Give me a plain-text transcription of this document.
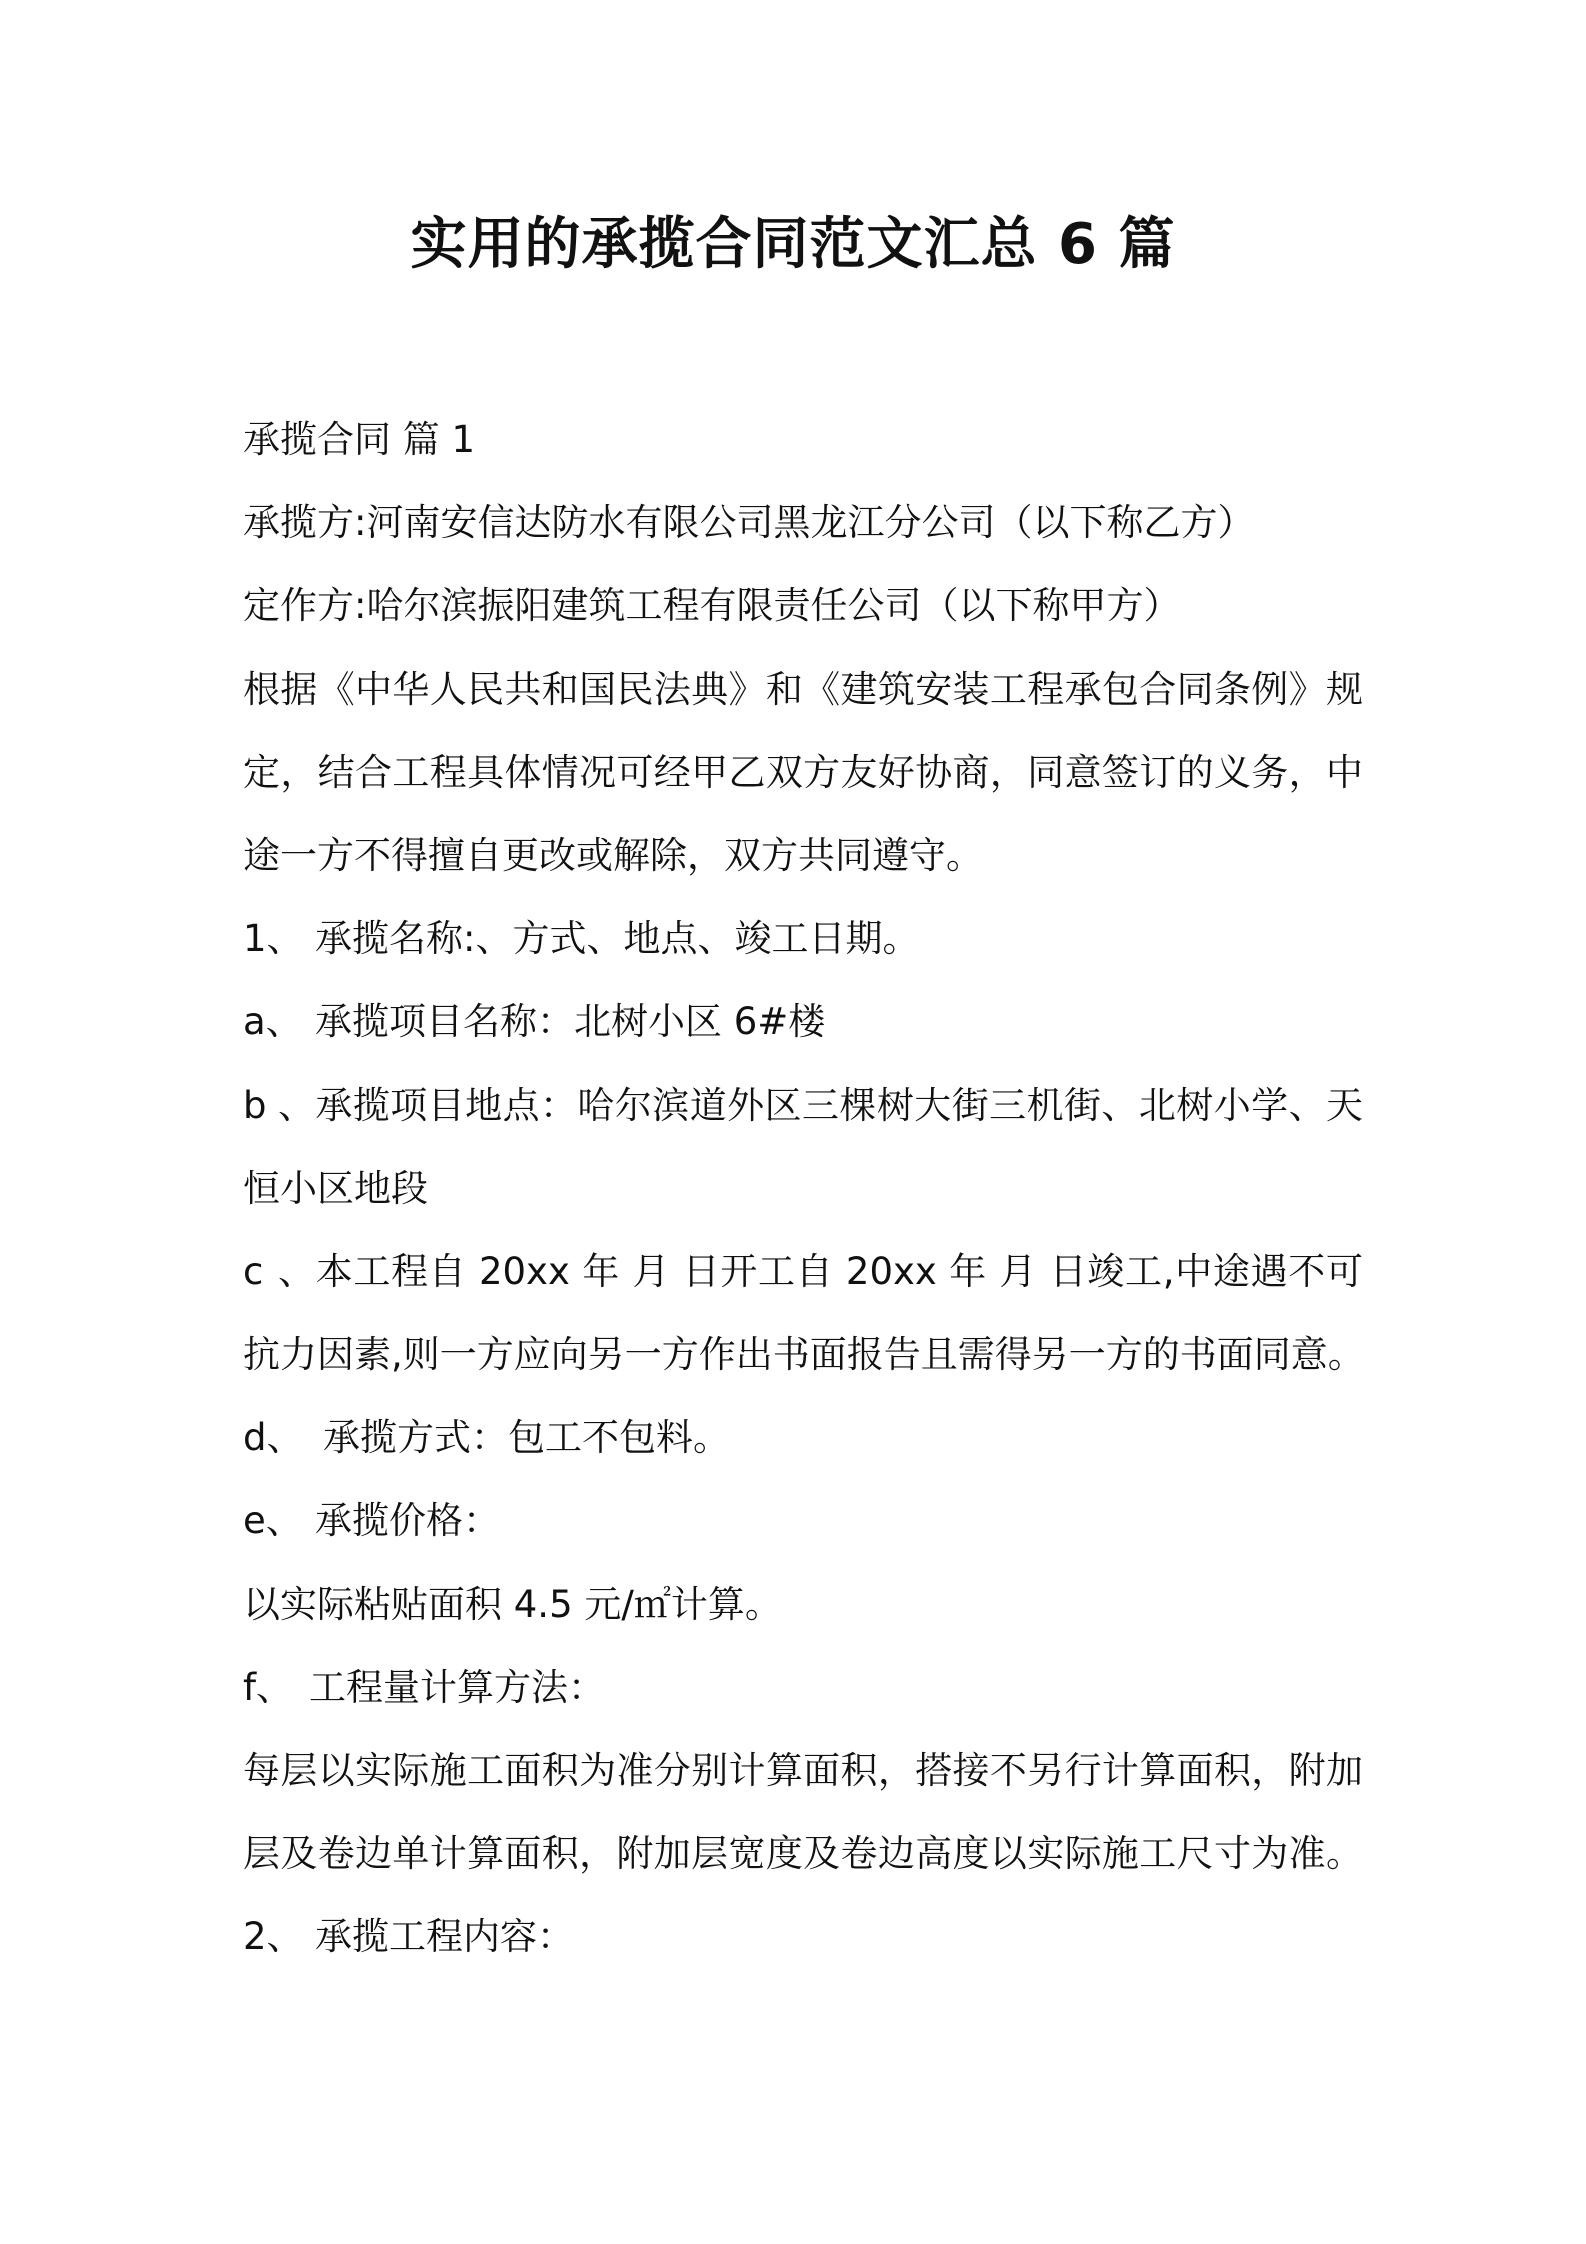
实用的承揽合同范文汇总 6 篇
承揽合同 篇 1
承揽方:河南安信达防水有限公司黑龙江分公司（以下称乙方）
定作方:哈尔滨振阳建筑工程有限责任公司（以下称甲方）
根据《中华人民共和国民法典》和《建筑安装工程承包合同条例》规
定，结合工程具体情况可经甲乙双方友好协商，同意签订的义务，中
途一方不得擅自更改或解除，双方共同遵守。
1、 承揽名称:、方式、地点、竣工日期。
a、 承揽项目名称：北树小区 6#楼
b、承揽项目地点：哈尔滨道外区三棵树大街三机街、北树小学、天
恒小区地段
c、本工程自 20xx 年 月 日开工自 20xx 年 月 日竣工,中途遇不可
抗力因素,则一方应向另一方作出书面报告且需得另一方的书面同意。
d、 承揽方式：包工不包料。
e、 承揽价格：
以实际粘贴面积 4.5 元/㎡计算。
f、 工程量计算方法：
每层以实际施工面积为准分别计算面积，搭接不另行计算面积，附加
层及卷边单计算面积，附加层宽度及卷边高度以实际施工尺寸为准。
2、 承揽工程内容：
